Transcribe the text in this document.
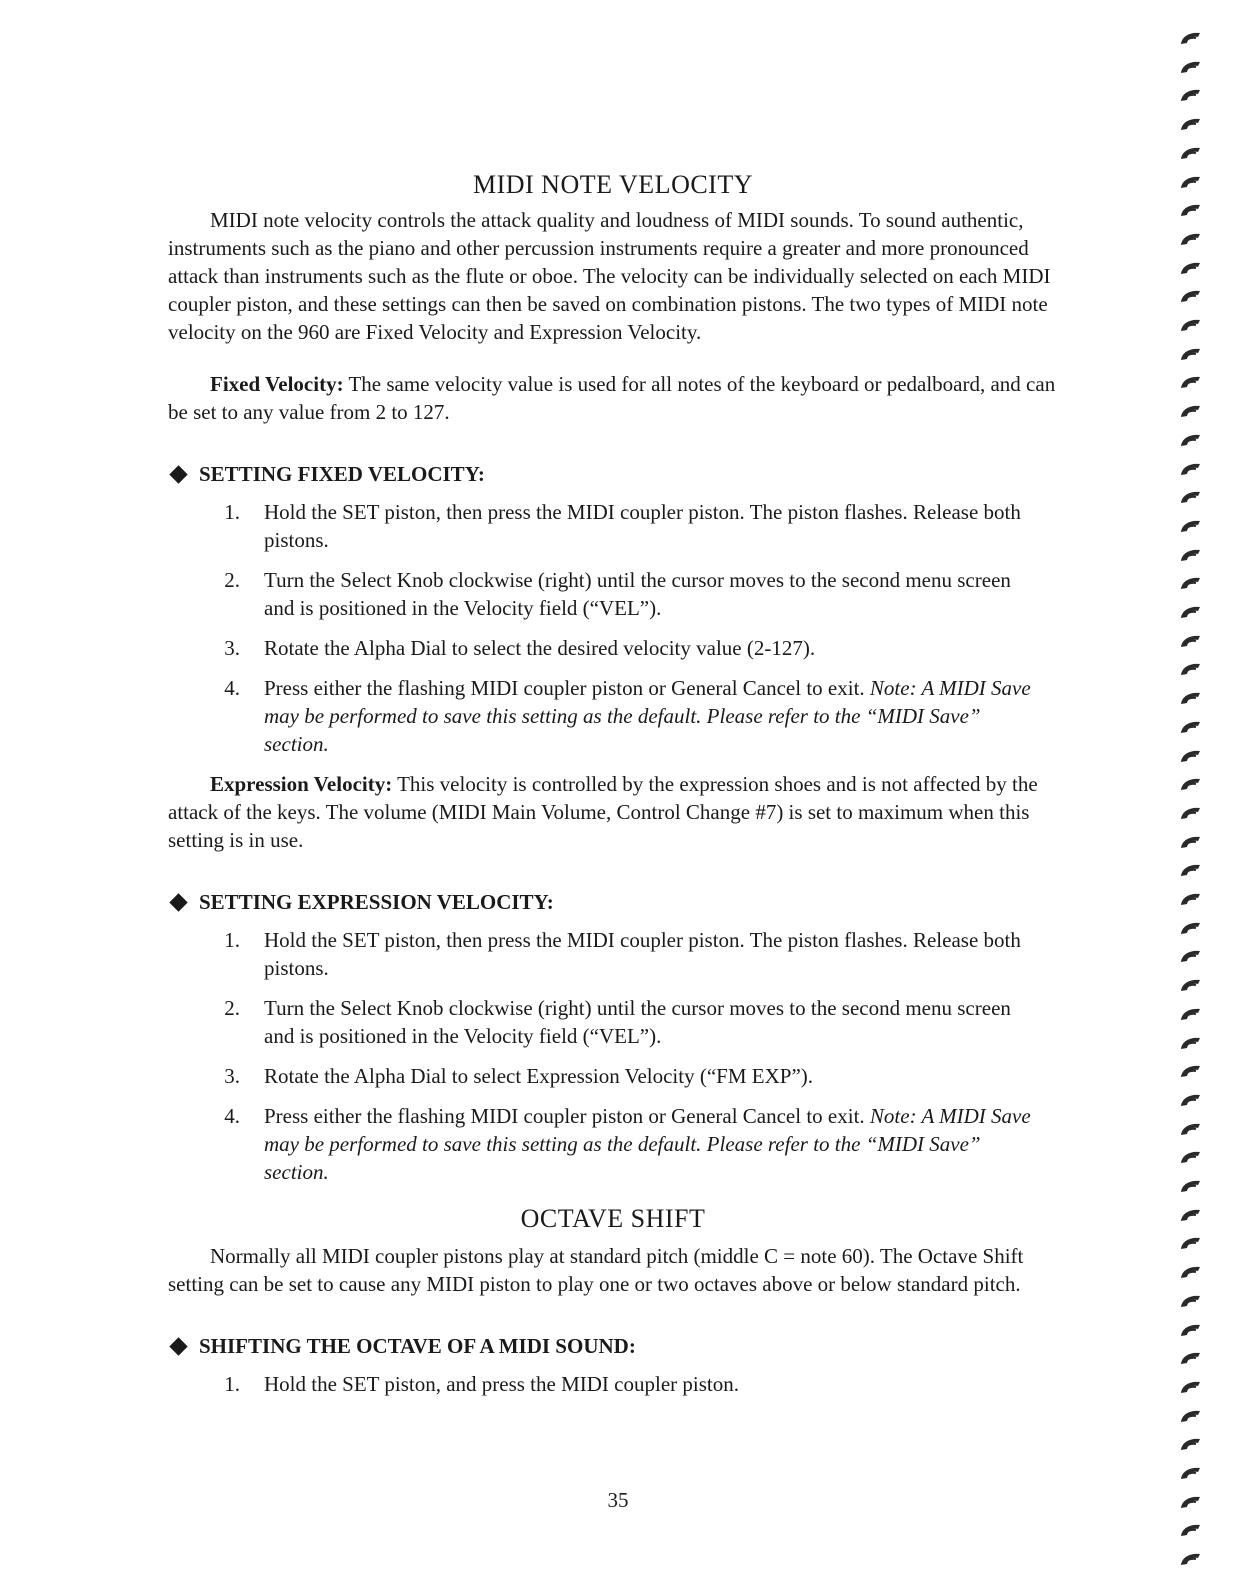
MIDI NOTE VELOCITY

MIDI note velocity controls the attack quality and loudness of MIDI sounds. To sound authentic, instruments such as the piano and other percussion instruments require a greater and more pronounced attack than instruments such as the flute or oboe. The velocity can be individually selected on each MIDI coupler piston, and these settings can then be saved on combination pistons. The two types of MIDI note velocity on the 960 are Fixed Velocity and Expression Velocity.

Fixed Velocity: The same velocity value is used for all notes of the keyboard or pedalboard, and can be set to any value from 2 to 127.

SETTING FIXED VELOCITY:
1.	Hold the SET piston, then press the MIDI coupler piston. The piston flashes. Release both pistons.
2.	Turn the Select Knob clockwise (right) until the cursor moves to the second menu screen and is positioned in the Velocity field (“VEL”).
3.	Rotate the Alpha Dial to select the desired velocity value (2-127).
4.	Press either the flashing MIDI coupler piston or General Cancel to exit. Note: A MIDI Save may be performed to save this setting as the default. Please refer to the “MIDI Save” section.

Expression Velocity: This velocity is controlled by the expression shoes and is not affected by the attack of the keys. The volume (MIDI Main Volume, Control Change #7) is set to maximum when this setting is in use.

SETTING EXPRESSION VELOCITY:
1.	Hold the SET piston, then press the MIDI coupler piston. The piston flashes. Release both pistons.
2.	Turn the Select Knob clockwise (right) until the cursor moves to the second menu screen and is positioned in the Velocity field (“VEL”).
3.	Rotate the Alpha Dial to select Expression Velocity (“FM EXP”).
4.	Press either the flashing MIDI coupler piston or General Cancel to exit. Note: A MIDI Save may be performed to save this setting as the default. Please refer to the “MIDI Save” section.
OCTAVE SHIFT

Normally all MIDI coupler pistons play at standard pitch (middle C = note 60). The Octave Shift setting can be set to cause any MIDI piston to play one or two octaves above or below standard pitch.

SHIFTING THE OCTAVE OF A MIDI SOUND:
1.	Hold the SET piston, and press the MIDI coupler piston.
35
